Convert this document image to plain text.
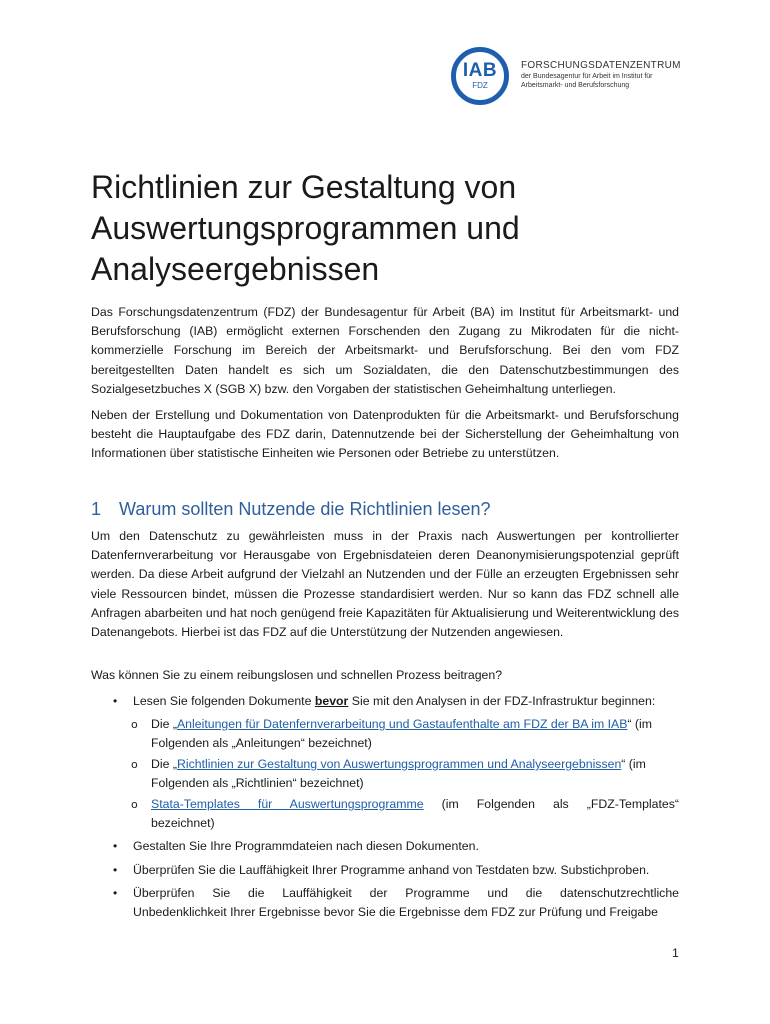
IAB
FDZ
FORSCHUNGSDATENZENTRUM
der Bundesagentur für Arbeit im Institut für
Arbeitsmarkt- und Berufsforschung
Richtlinien zur Gestaltung von
Auswertungsprogrammen und
Analyseergebnissen

Das Forschungsdatenzentrum (FDZ) der Bundesagentur für Arbeit (BA) im Institut für Arbeitsmarkt- und Berufsforschung (IAB) ermöglicht externen Forschenden den Zugang zu Mikrodaten für die nicht-kommerzielle Forschung im Bereich der Arbeitsmarkt- und Berufsforschung. Bei den vom FDZ bereitgestellten Daten handelt es sich um Sozialdaten, die den Datenschutzbestimmungen des Sozialgesetzbuches X (SGB X) bzw. den Vorgaben der statistischen Geheimhaltung unterliegen.

Neben der Erstellung und Dokumentation von Datenprodukten für die Arbeitsmarkt- und Berufsforschung besteht die Hauptaufgabe des FDZ darin, Datennutzende bei der Sicherstellung der Geheimhaltung von Informationen über statistische Einheiten wie Personen oder Betriebe zu unterstützen.

1 Warum sollten Nutzende die Richtlinien lesen?

Um den Datenschutz zu gewährleisten muss in der Praxis nach Auswertungen per kontrollierter Datenfernverarbeitung vor Herausgabe von Ergebnisdateien deren Deanonymisierungspotenzial geprüft werden. Da diese Arbeit aufgrund der Vielzahl an Nutzenden und der Fülle an erzeugten Ergebnissen sehr viele Ressourcen bindet, müssen die Prozesse standardisiert werden. Nur so kann das FDZ schnell alle Anfragen abarbeiten und hat noch genügend freie Kapazitäten für Aktualisierung und Weiterentwicklung des Datenangebots. Hierbei ist das FDZ auf die Unterstützung der Nutzenden angewiesen.

Was können Sie zu einem reibungslosen und schnellen Prozess beitragen?

• Lesen Sie folgenden Dokumente bevor Sie mit den Analysen in der FDZ-Infrastruktur beginnen:

o Die „Anleitungen für Datenfernverarbeitung und Gastaufenthalte am FDZ der BA im IAB“ (im Folgenden als „Anleitungen“ bezeichnet)

o Die „Richtlinien zur Gestaltung von Auswertungsprogrammen und Analyseergebnissen“ (im Folgenden als „Richtlinien“ bezeichnet)

o Stata-Templates für Auswertungsprogramme (im Folgenden als „FDZ-Templates“

bezeichnet)

• Gestalten Sie Ihre Programmdateien nach diesen Dokumenten.

• Überprüfen Sie die Lauffähigkeit Ihrer Programme anhand von Testdaten bzw. Substichproben.

• Überprüfen Sie die Lauffähigkeit der Programme und die datenschutzrechtliche

Unbedenklichkeit Ihrer Ergebnisse bevor Sie die Ergebnisse dem FDZ zur Prüfung und Freigabe

1
